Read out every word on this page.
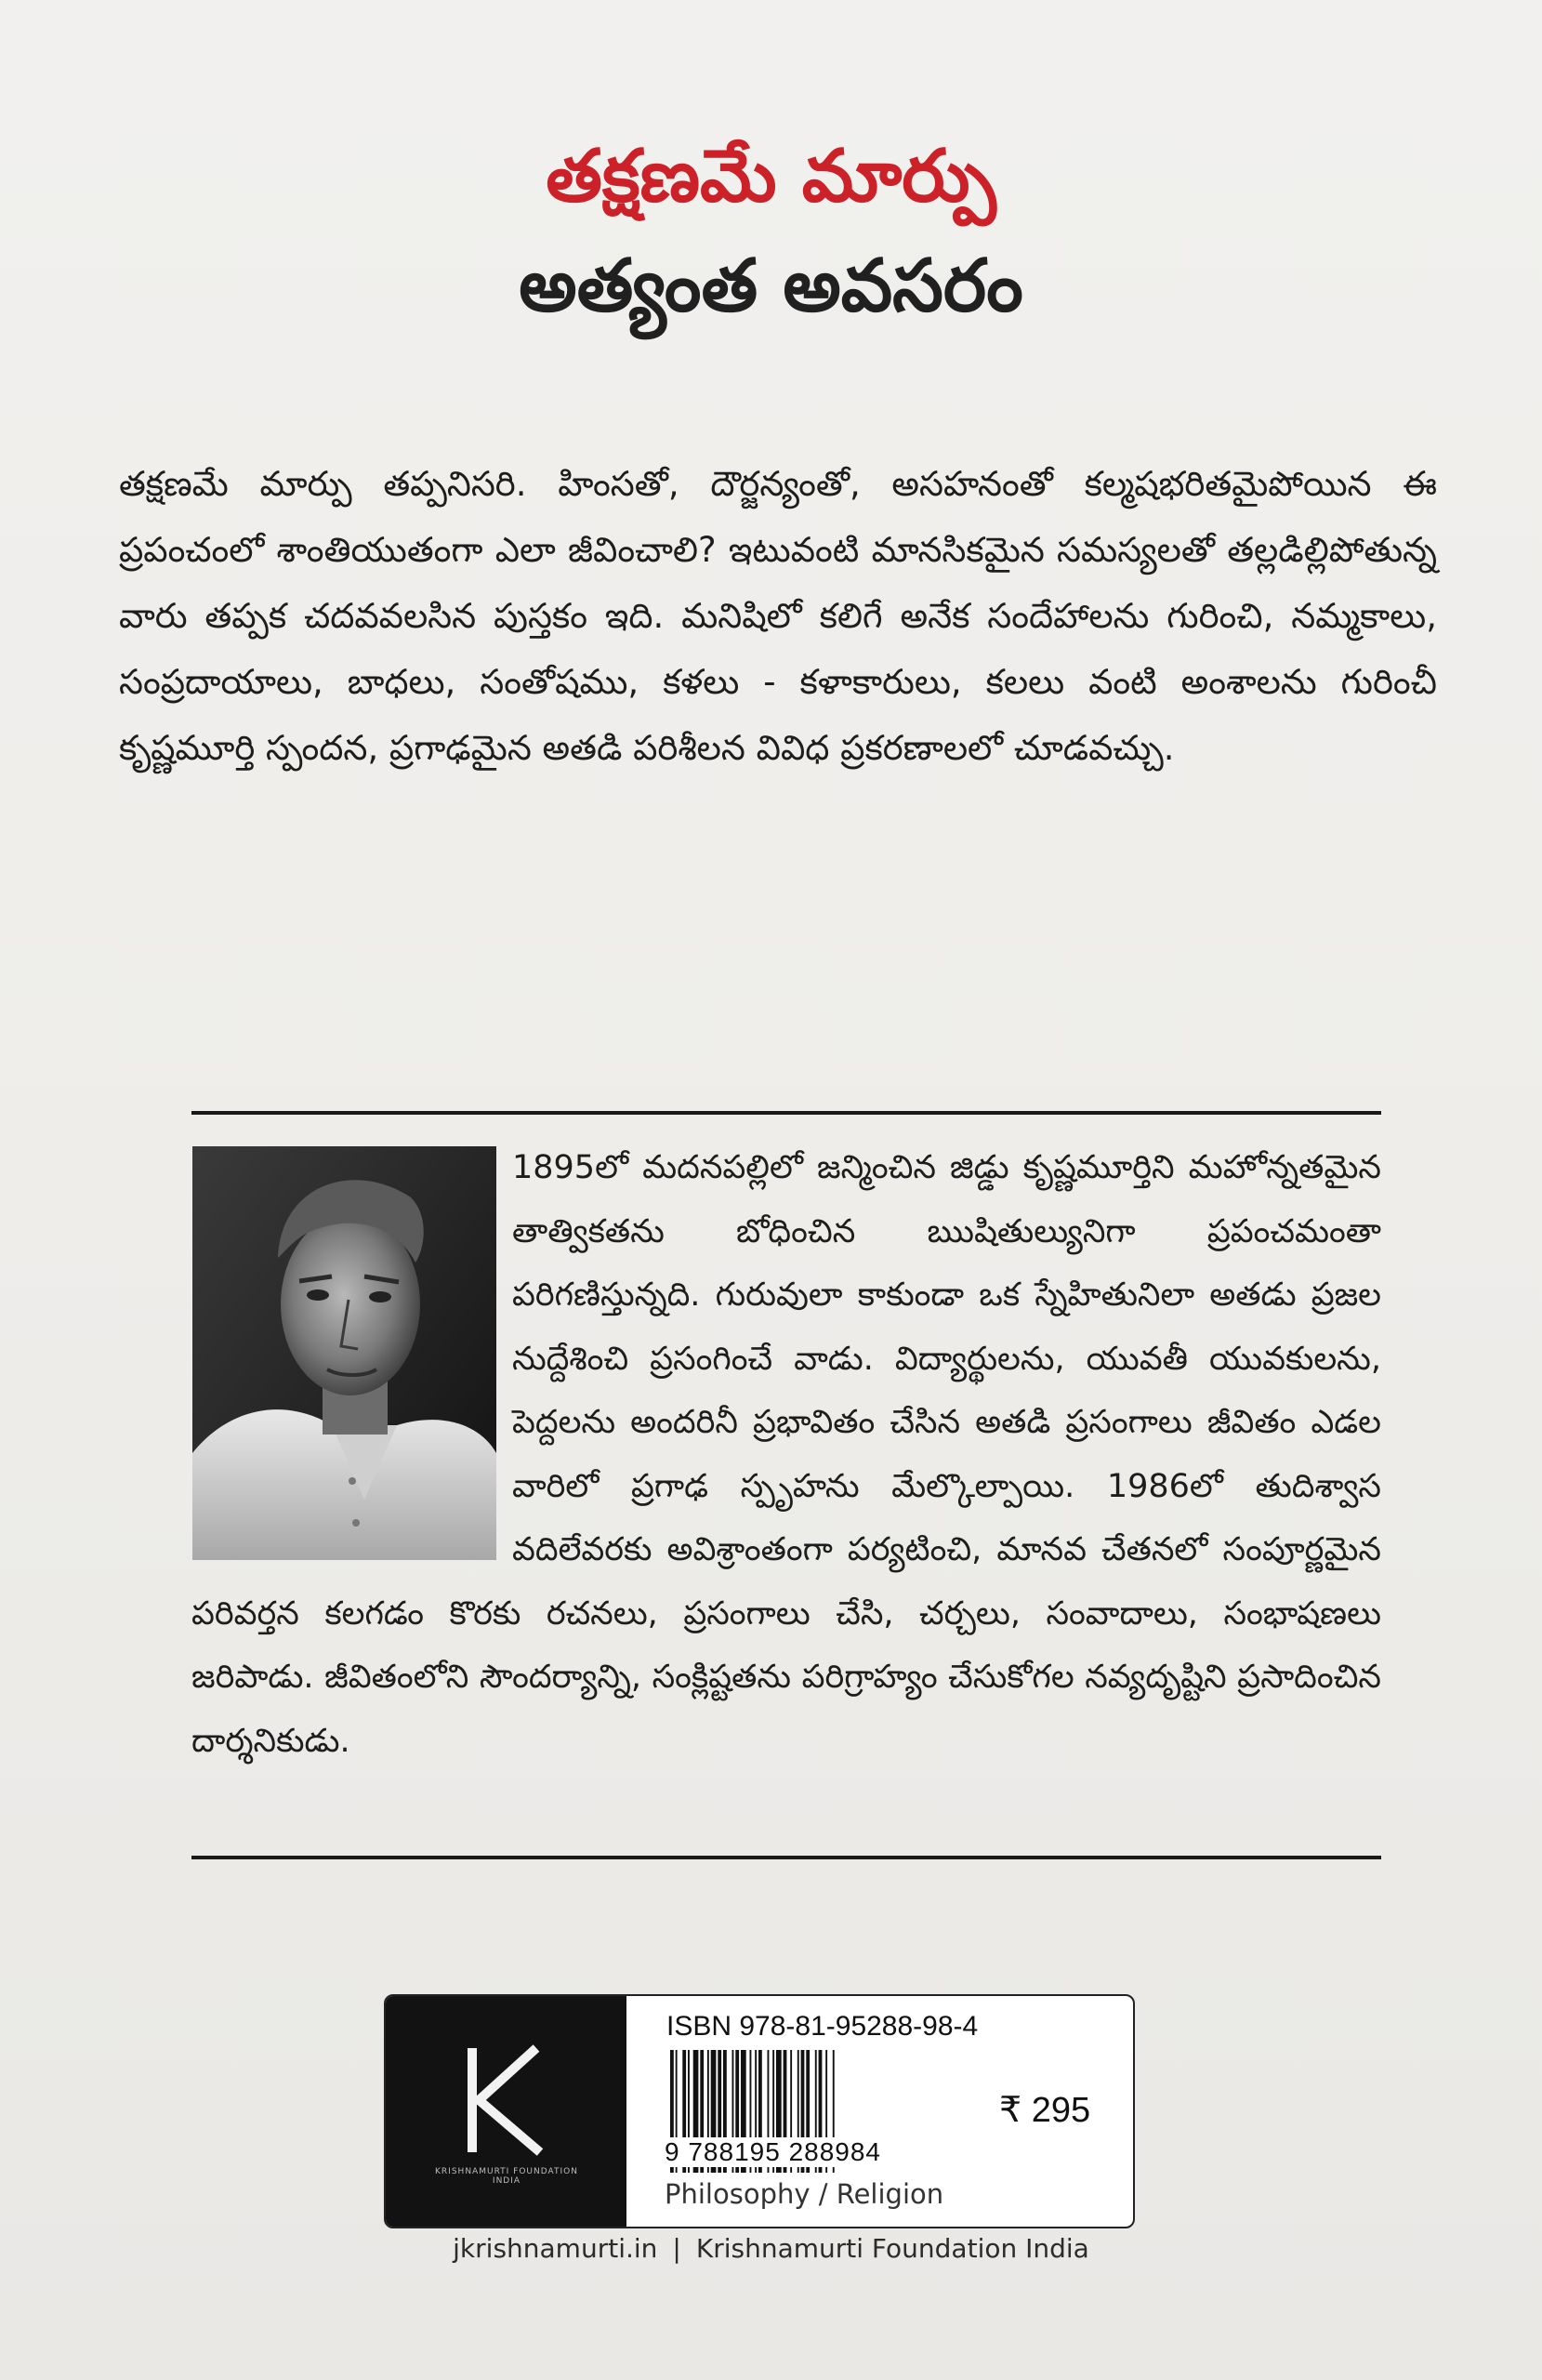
తక్షణమే మార్పు
అత్యంత అవసరం

తక్షణమే మార్పు తప్పనిసరి. హింసతో, దౌర్జన్యంతో, అసహనంతో కల్మషభరితమైపోయిన ఈ ప్రపంచంలో శాంతియుతంగా ఎలా జీవించాలి? ఇటువంటి మానసికమైన సమస్యలతో తల్లడిల్లిపోతున్న వారు తప్పక చదవవలసిన పుస్తకం ఇది. మనిషిలో కలిగే అనేక సందేహాలను గురించి, నమ్మకాలు, సంప్రదాయాలు, బాధలు, సంతోషము, కళలు - కళాకారులు, కలలు వంటి అంశాలను గురించీ కృష్ణమూర్తి స్పందన, ప్రగాఢమైన అతడి పరిశీలన వివిధ ప్రకరణాలలో చూడవచ్చు.

1895లో మదనపల్లిలో జన్మించిన జిడ్డు కృష్ణమూర్తిని మహోన్నతమైన తాత్వికతను బోధించిన ఋషితుల్యునిగా ప్రపంచమంతా పరిగణిస్తున్నది. గురువులా కాకుండా ఒక స్నేహితునిలా అతడు ప్రజల నుద్దేశించి ప్రసంగించే వాడు. విద్యార్థులను, యువతీ యువకులను, పెద్దలను అందరినీ ప్రభావితం చేసిన అతడి ప్రసంగాలు జీవితం ఎడల వారిలో ప్రగాఢ స్పృహను మేల్కొల్పాయి. 1986లో తుదిశ్వాస వదిలేవరకు అవిశ్రాంతంగా పర్యటించి, మానవ చేతనలో సంపూర్ణమైన పరివర్తన కలగడం కొరకు రచనలు, ప్రసంగాలు చేసి, చర్చలు, సంవాదాలు, సంభాషణలు జరిపాడు. జీవితంలోని సౌందర్యాన్ని, సంక్లిష్టతను పరిగ్రాహ్యం చేసుకోగల నవ్యదృష్టిని ప్రసాదించిన దార్శనికుడు.

KRISHNAMURTI FOUNDATION INDIA
ISBN 978-81-95288-98-4
9 788195 288984
₹ 295
Philosophy / Religion
jkrishnamurti.in | Krishnamurti Foundation India
